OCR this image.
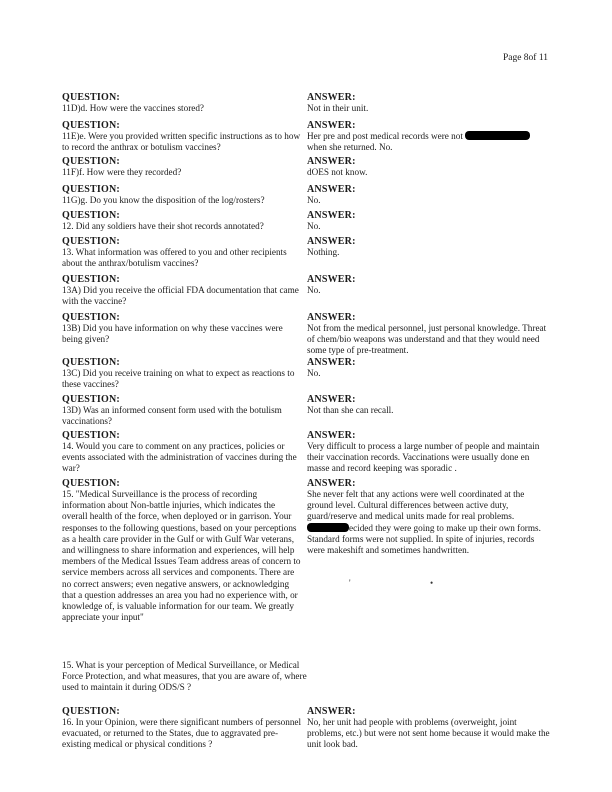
Page 8of 11
QUESTION:
11D)d. How were the vaccines stored?
ANSWER:
Not in their unit.
QUESTION:
11E)e. Were you provided written specific instructions as to how to record the anthrax or botulism vaccines?
ANSWER:
Her pre and post medical records were not  when she returned. No.
QUESTION:
11F)f. How were they recorded?
ANSWER:
dOES not know.
QUESTION:
11G)g. Do you know the disposition of the log/rosters?
ANSWER:
No.
QUESTION:
12. Did any soldiers have their shot records annotated?
ANSWER:
No.
QUESTION:
13. What information was offered to you and other recipients about the anthrax/botulism vaccines?
ANSWER:
Nothing.
QUESTION:
13A) Did you receive the official FDA documentation that came with the vaccine?
ANSWER:
No.
QUESTION:
13B) Did you have information on why these vaccines were being given?
ANSWER:
Not from the medical personnel, just personal knowledge. Threat of chem/bio weapons was understand and that they would need some type of pre-treatment.
QUESTION:
13C) Did you receive training on what to expect as reactions to these vaccines?
ANSWER:
No.
QUESTION:
13D) Was an informed consent form used with the botulism vaccinations?
ANSWER:
Not than she can recall.
QUESTION:
14. Would you care to comment on any practices, policies or events associated with the administration of vaccines during the war?
ANSWER:
Very difficult to process a large number of people and maintain their vaccination records. Vaccinations were usually done en masse and record keeping was sporadic .
QUESTION:
15. "Medical Surveillance is the process of recording information about Non-battle injuries, which indicates the overall health of the force, when deployed or in garrison. Your responses to the following questions, based on your perceptions as a health care provider in the Gulf or with Gulf War veterans, and willingness to share information and experiences, will help members of the Medical Issues Team address areas of concern to service members across all services and components. There are no correct answers; even negative answers, or acknowledging that a question addresses an area you had no experience with, or knowledge of, is valuable information for our team. We greatly appreciate your input"
ANSWER:
She never felt that any actions were well coordinated at the ground level. Cultural differences between active duty, guard/reserve and medical units made for real problems. ecided they were going to make up their own forms. Standard forms were not supplied. In spite of injuries, records were makeshift and sometimes handwritten.
'	•
15. What is your perception of Medical Surveillance, or Medical Force Protection, and what measures, that you are aware of, where used to maintain it during ODS/S ?
QUESTION:
16. In your Opinion, were there significant numbers of personnel evacuated, or returned to the States, due to aggravated pre-existing medical or physical conditions ?
ANSWER:
No, her unit had people with problems (overweight, joint problems, etc.) but were not sent home because it would make the unit look bad.
